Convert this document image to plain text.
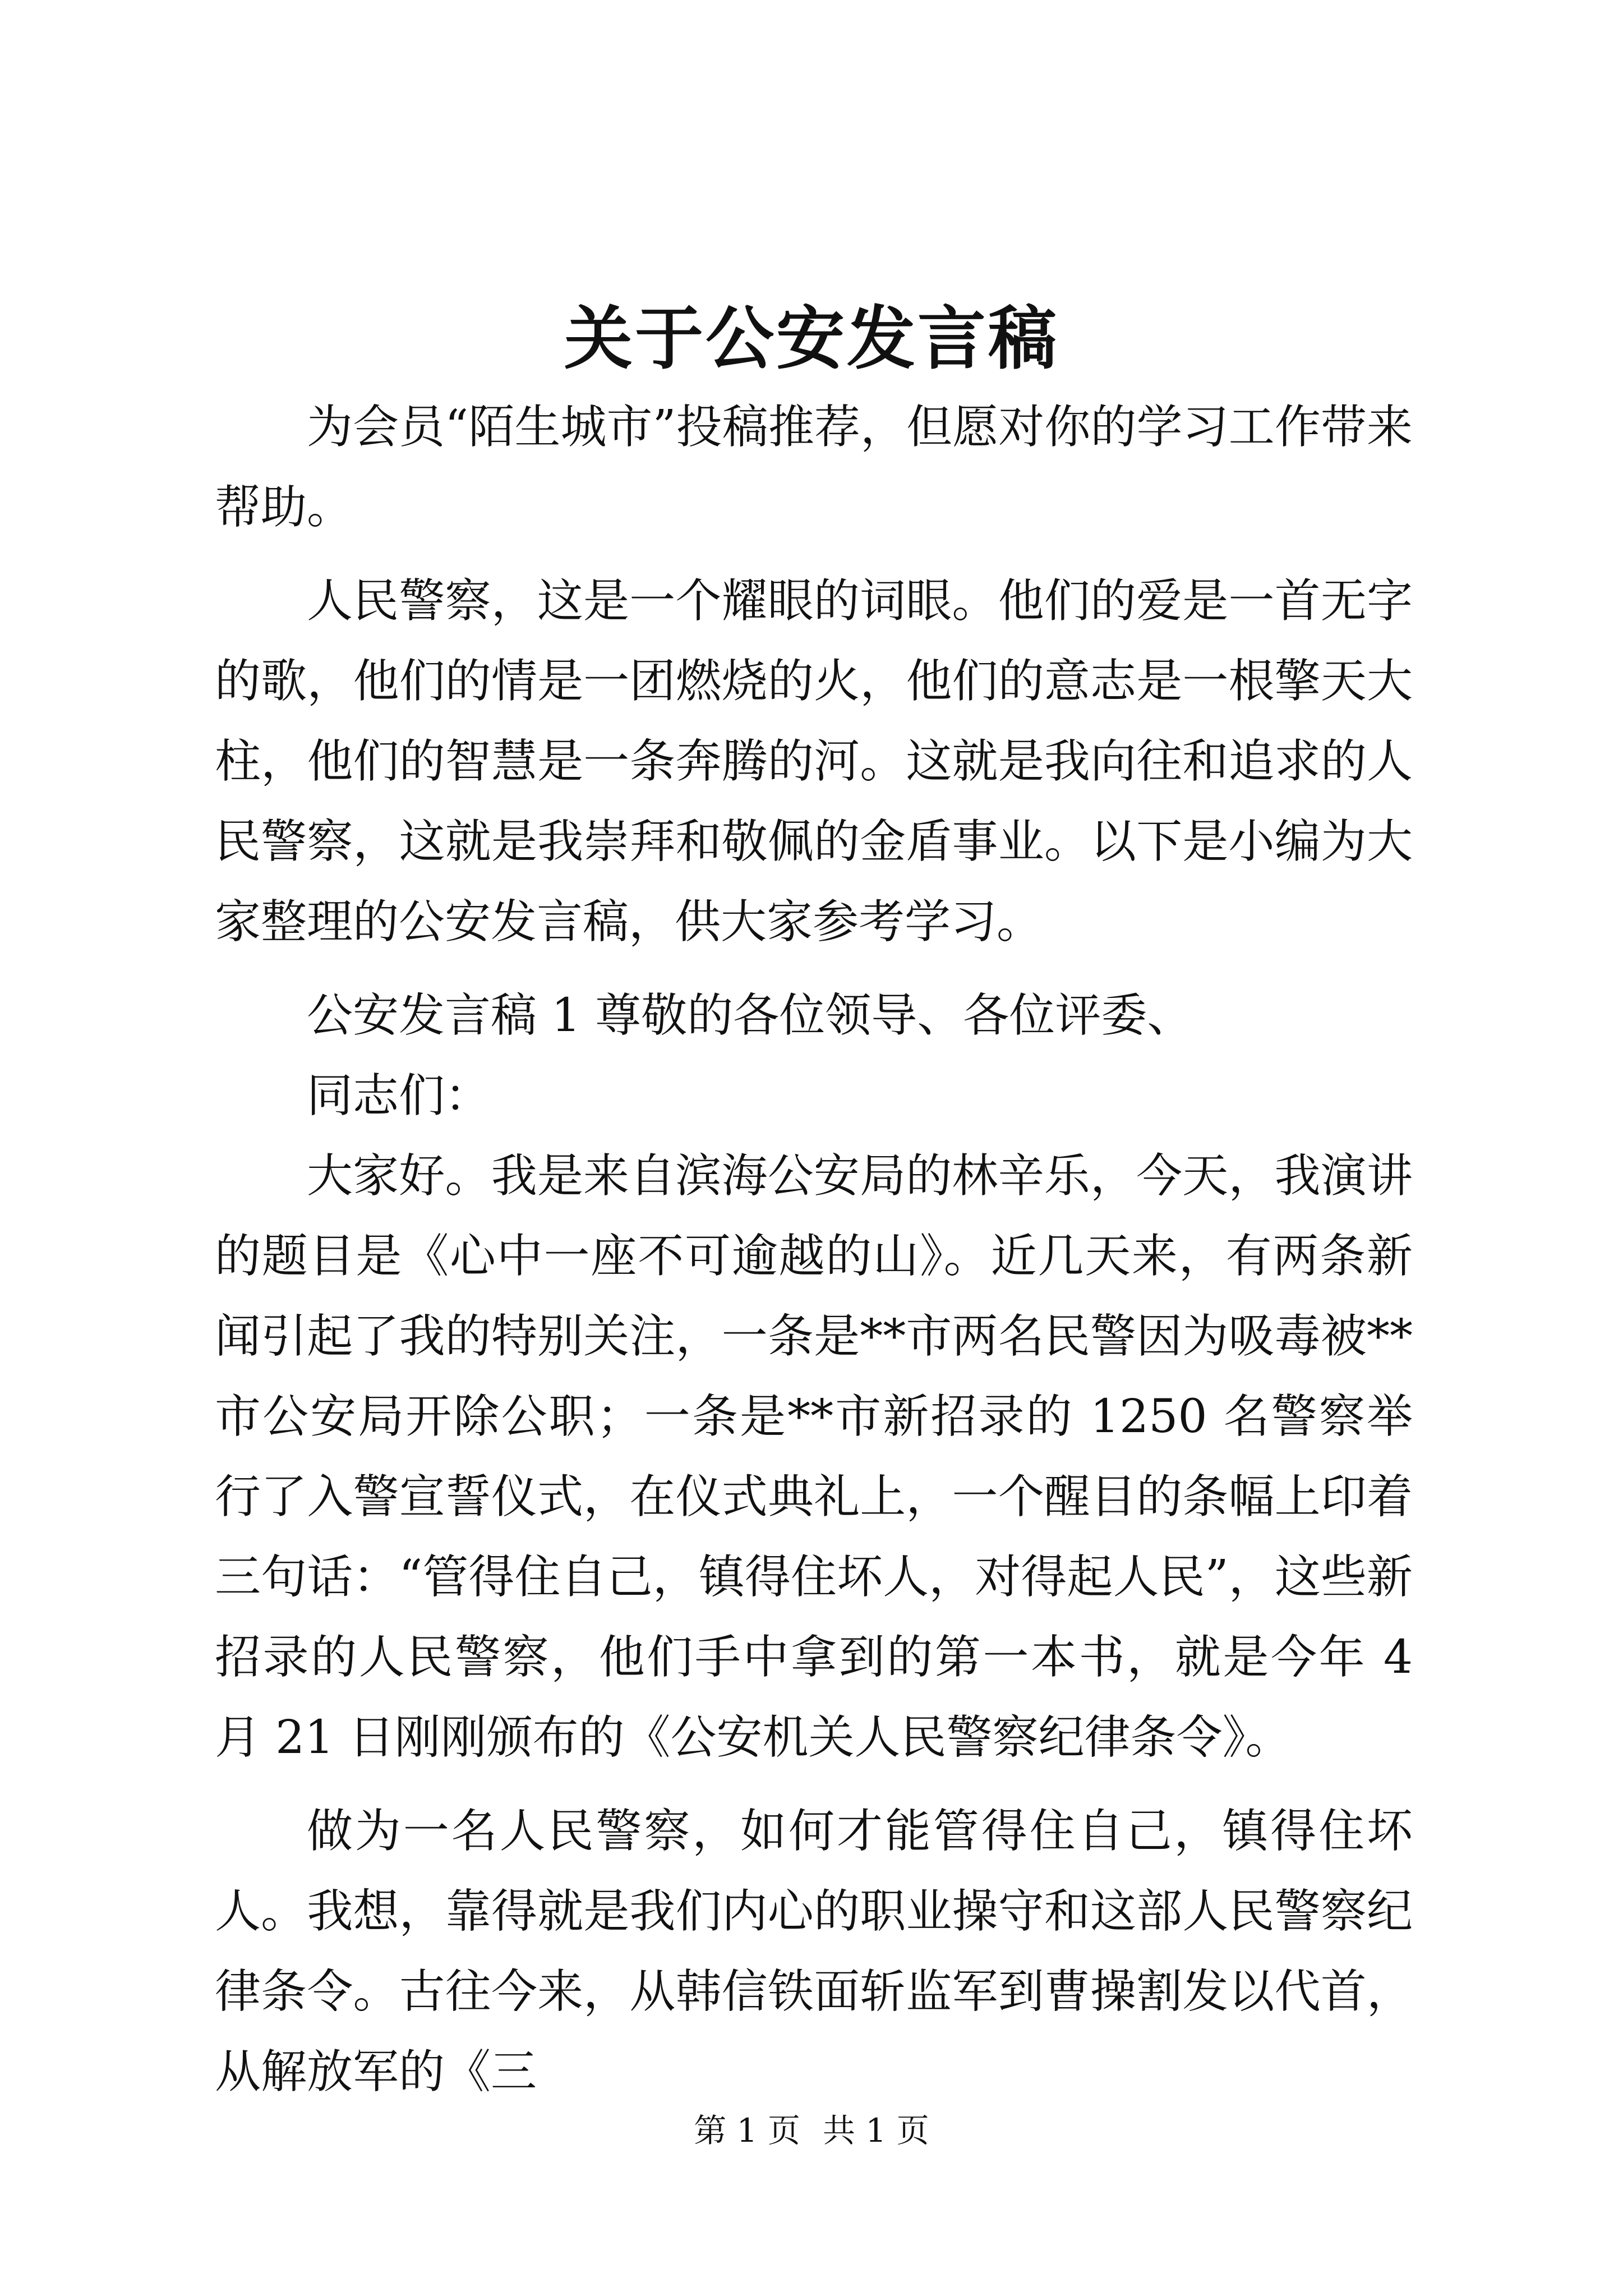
关于公安发言稿

为会员“陌生城市”投稿推荐，但愿对你的学习工作带来帮助。

人民警察，这是一个耀眼的词眼。他们的爱是一首无字的歌，他们的情是一团燃烧的火，他们的意志是一根擎天大柱，他们的智慧是一条奔腾的河。这就是我向往和追求的人民警察，这就是我崇拜和敬佩的金盾事业。以下是小编为大家整理的公安发言稿，供大家参考学习。

公安发言稿 1 尊敬的各位领导、各位评委、

同志们：

大家好。我是来自滨海公安局的林辛乐，今天，我演讲的题目是《心中一座不可逾越的山》。近几天来，有两条新闻引起了我的特别关注，一条是**市两名民警因为吸毒被**市公安局开除公职；一条是**市新招录的 1250 名警察举行了入警宣誓仪式，在仪式典礼上，一个醒目的条幅上印着三句话：“管得住自己，镇得住坏人，对得起人民”，这些新招录的人民警察，他们手中拿到的第一本书，就是今年 4 月 21 日刚刚颁布的《公安机关人民警察纪律条令》。

做为一名人民警察，如何才能管得住自己，镇得住坏人。我想，靠得就是我们内心的职业操守和这部人民警察纪律条令。古往今来，从韩信铁面斩监军到曹操割发以代首，从解放军的《三

第 1 页 共 1 页
